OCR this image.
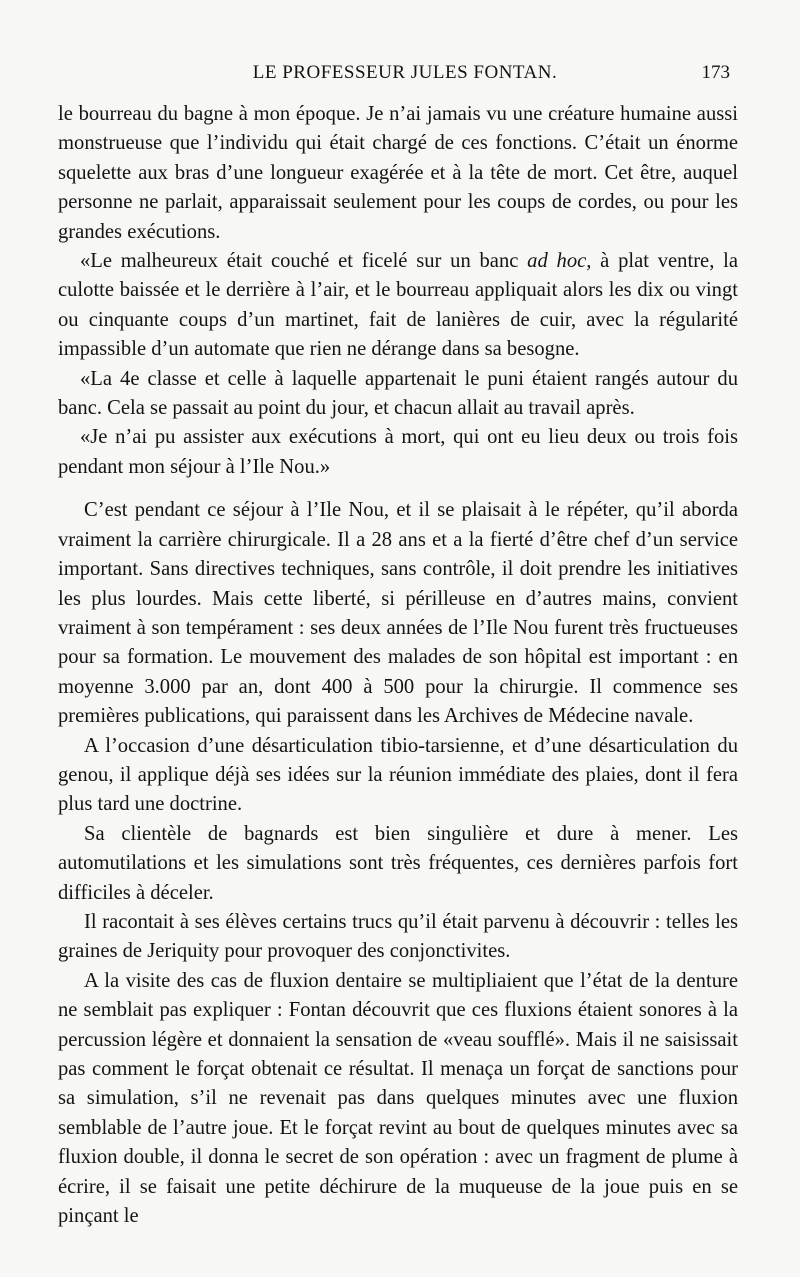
LE PROFESSEUR JULES FONTAN.	173

le bourreau du bagne à mon époque. Je n’ai jamais vu une créature humaine aussi monstrueuse que l’individu qui était chargé de ces fonctions. C’était un énorme squelette aux bras d’une longueur exagérée et à la tête de mort. Cet être, auquel personne ne parlait, apparaissait seulement pour les coups de cordes, ou pour les grandes exécutions.

«Le malheureux était couché et ficelé sur un banc ad hoc, à plat ventre, la culotte baissée et le derrière à l’air, et le bourreau appliquait alors les dix ou vingt ou cinquante coups d’un martinet, fait de lanières de cuir, avec la régularité impassible d’un automate que rien ne dérange dans sa besogne.

«La 4e classe et celle à laquelle appartenait le puni étaient rangés autour du banc. Cela se passait au point du jour, et chacun allait au travail après.

«Je n’ai pu assister aux exécutions à mort, qui ont eu lieu deux ou trois fois pendant mon séjour à l’Ile Nou.»

C’est pendant ce séjour à l’Ile Nou, et il se plaisait à le répéter, qu’il aborda vraiment la carrière chirurgicale. Il a 28 ans et a la fierté d’être chef d’un service important. Sans directives techniques, sans contrôle, il doit prendre les initiatives les plus lourdes. Mais cette liberté, si périlleuse en d’autres mains, convient vraiment à son tempérament : ses deux années de l’Ile Nou furent très fructueuses pour sa formation. Le mouvement des malades de son hôpital est important : en moyenne 3.000 par an, dont 400 à 500 pour la chirurgie. Il commence ses premières publications, qui paraissent dans les Archives de Médecine navale.

A l’occasion d’une désarticulation tibio-tarsienne, et d’une désarticulation du genou, il applique déjà ses idées sur la réunion immédiate des plaies, dont il fera plus tard une doctrine.

Sa clientèle de bagnards est bien singulière et dure à mener. Les automutilations et les simulations sont très fréquentes, ces dernières parfois fort difficiles à déceler.

Il racontait à ses élèves certains trucs qu’il était parvenu à découvrir : telles les graines de Jeriquity pour provoquer des conjonctivites.

A la visite des cas de fluxion dentaire se multipliaient que l’état de la denture ne semblait pas expliquer : Fontan découvrit que ces fluxions étaient sonores à la percussion légère et donnaient la sensation de «veau soufflé». Mais il ne saisissait pas comment le forçat obtenait ce résultat. Il menaça un forçat de sanctions pour sa simulation, s’il ne revenait pas dans quelques minutes avec une fluxion semblable de l’autre joue. Et le forçat revint au bout de quelques minutes avec sa fluxion double, il donna le secret de son opération : avec un fragment de plume à écrire, il se faisait une petite déchirure de la muqueuse de la joue puis en se pinçant le
